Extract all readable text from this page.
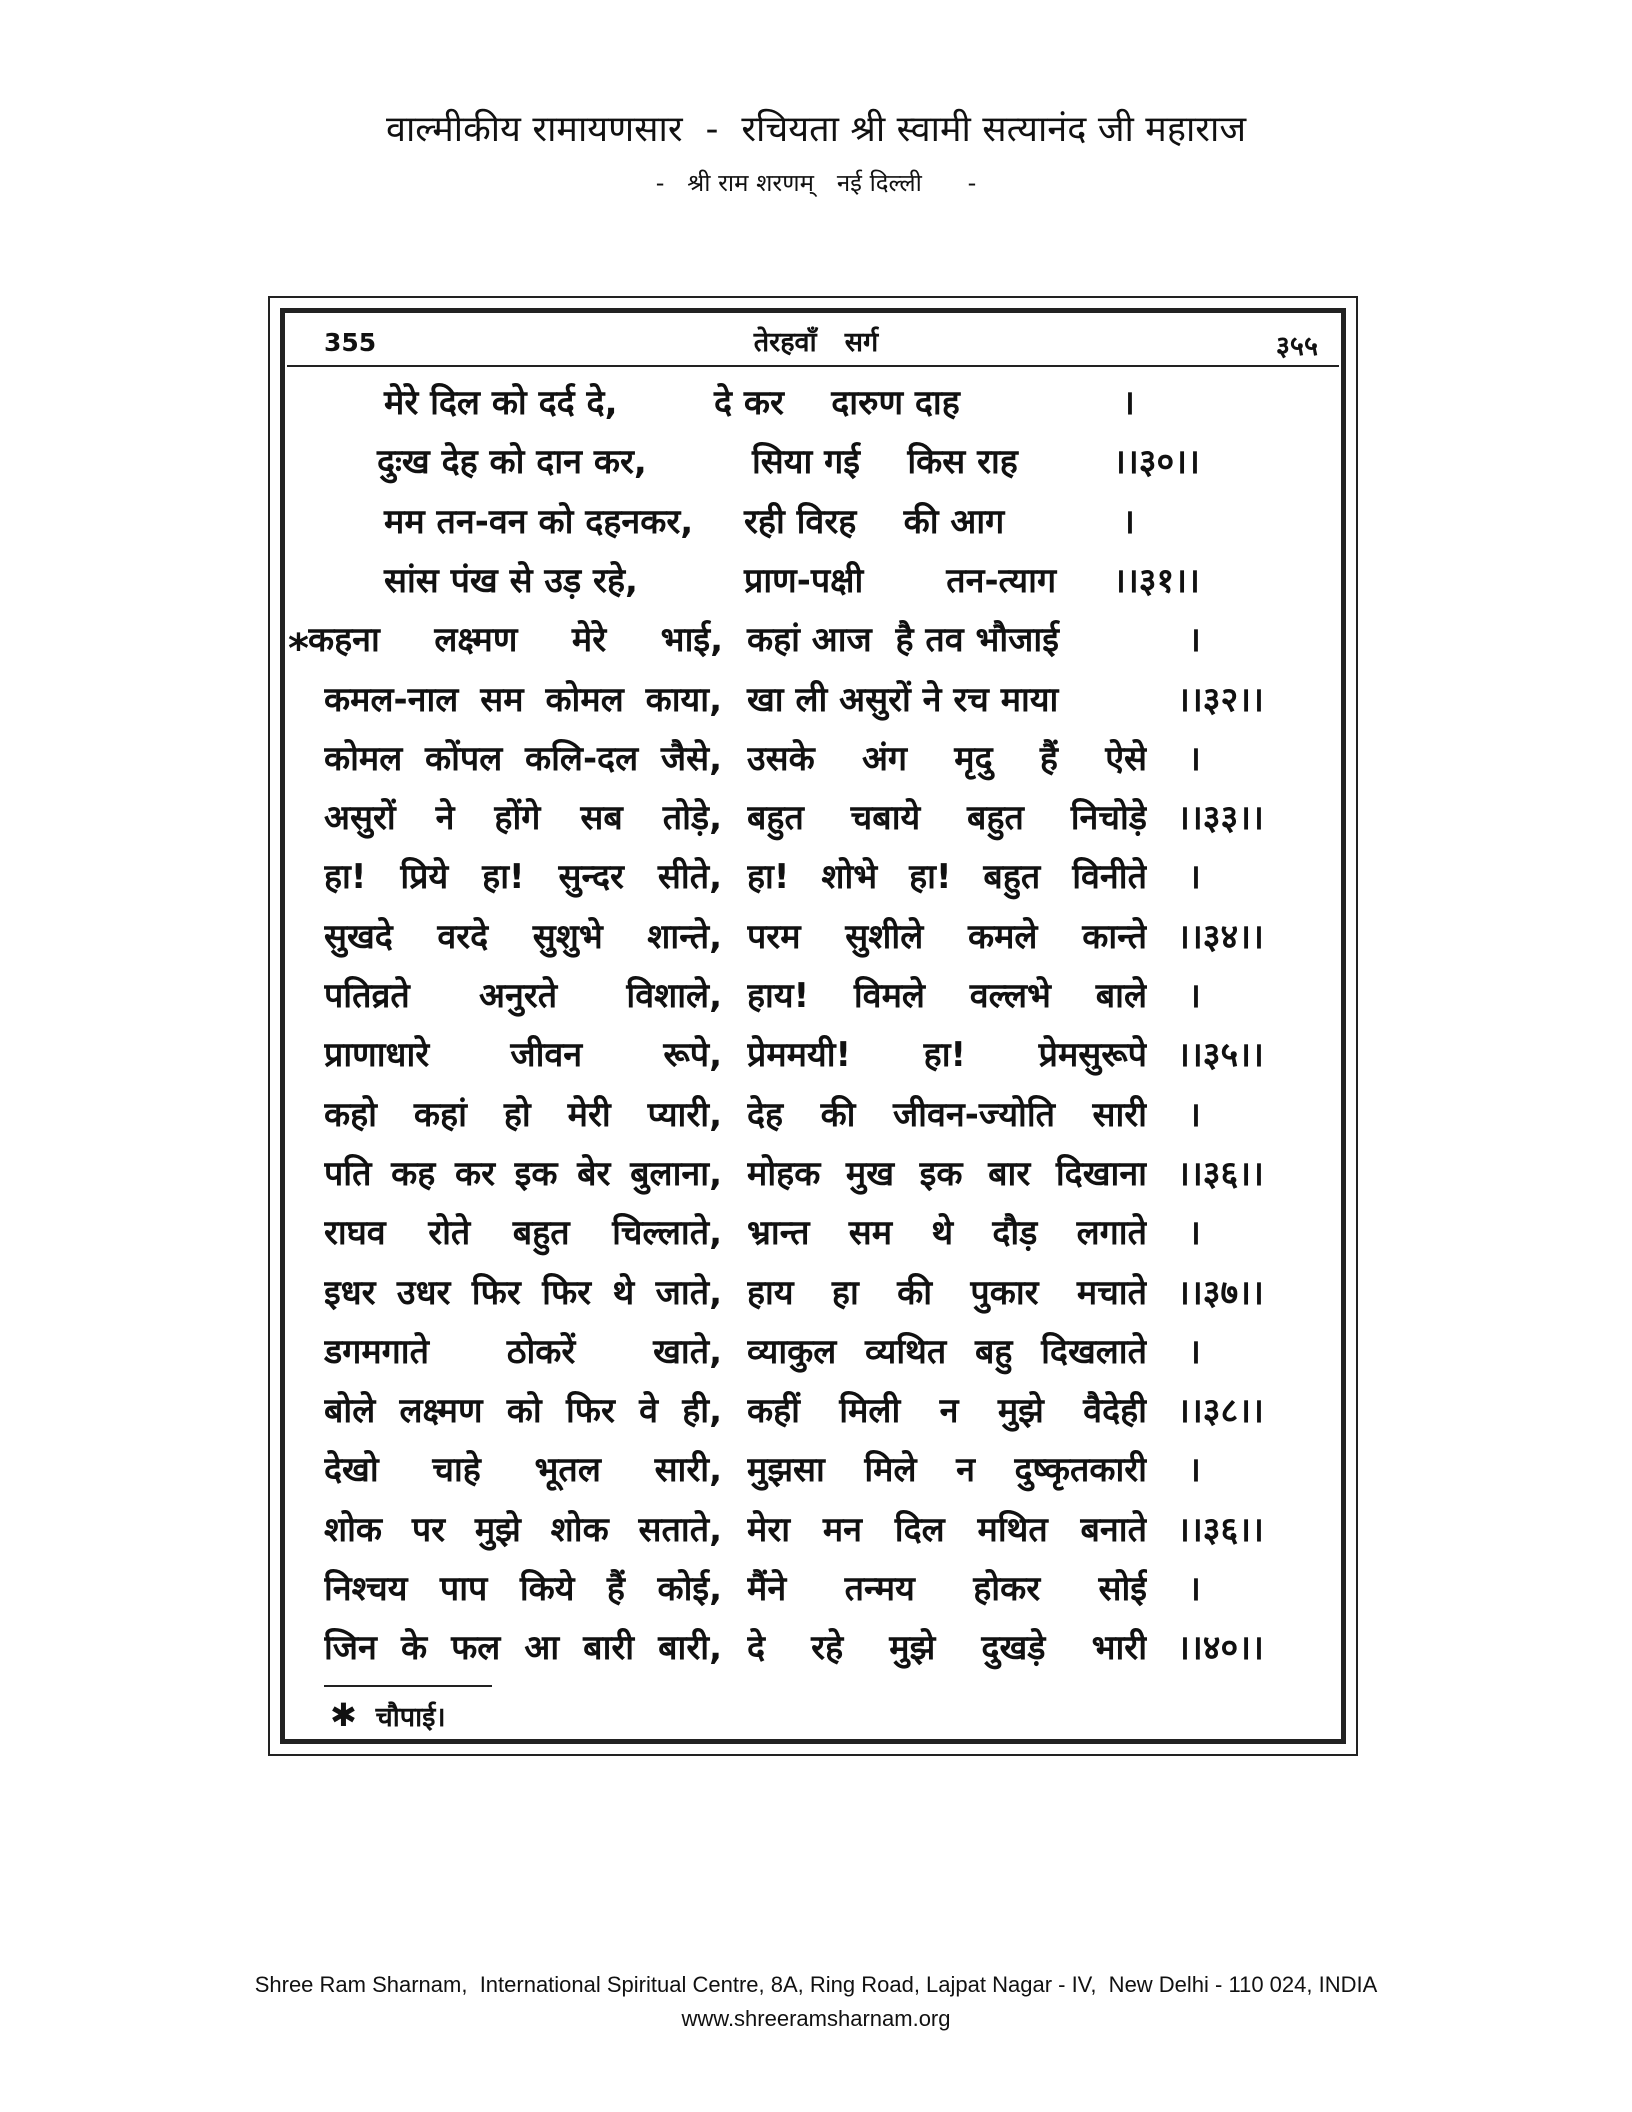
वाल्मीकीय रामायणसार  -  रचियता श्री स्वामी सत्यानंद जी महाराज
-   श्री राम शरणम्   नई दिल्ली      -
355	तेरहवाँ   सर्ग	३५५
*
मेरे दिल को दर्द दे,	दे कर    दारुण दाह	।
दुःख देह को दान कर,	सिया गई    किस राह	।।३०।।
मम तन-वन को दहनकर, रही विरह    की आग	।
सांस पंख से उड़ रहे,	प्राण-पक्षी       तन-त्याग ।।३१।।
कहना लक्ष्मण मेरे भाई, कहां आज  है तव भौजाई	।
कमल-नाल सम कोमल काया, खा ली असुरों ने रच माया	।।३२।।
कोमल कोंपल कलि-दल जैसे, उसके अंग मृदु हैं ऐसे ।
असुरों ने होंगे सब तोड़े, बहुत चबाये बहुत निचोड़े ।।३३।।
हा! प्रिये हा! सुन्दर सीते, हा! शोभे हा! बहुत विनीते ।
सुखदे वरदे सुशुभे शान्ते, परम सुशीले कमले कान्ते ।।३४।।
पतिव्रते अनुरते विशाले, हाय! विमले वल्लभे बाले ।
प्राणाधारे जीवन रूपे, प्रेममयी! हा! प्रेमसुरूपे ।।३५।।
कहो कहां हो मेरी प्यारी, देह की जीवन-ज्योति सारी ।
पति कह कर इक बेर बुलाना, मोहक मुख इक बार दिखाना ।।३६।।
राघव रोते बहुत चिल्लाते, भ्रान्त सम थे दौड़ लगाते ।
इधर उधर फिर फिर थे जाते, हाय हा की पुकार मचाते ।।३७।।
डगमगाते ठोकरें खाते, व्याकुल व्यथित बहु दिखलाते ।
बोले लक्ष्मण को फिर वे ही, कहीं मिली न मुझे वैदेही ।।३८।।
देखो चाहे भूतल सारी, मुझसा मिले न दुष्कृतकारी ।
शोक पर मुझे शोक सताते, मेरा मन दिल मथित बनाते ।।३६।।
निश्चय पाप किये हैं कोई, मैंने तन्मय होकर सोई ।
जिन के फल आ बारी बारी, दे रहे मुझे दुखड़े भारी ।।४०।।
✱ चौपाई।
Shree Ram Sharnam,  International Spiritual Centre, 8A, Ring Road, Lajpat Nagar - IV,  New Delhi - 110 024, INDIA
www.shreeramsharnam.org
